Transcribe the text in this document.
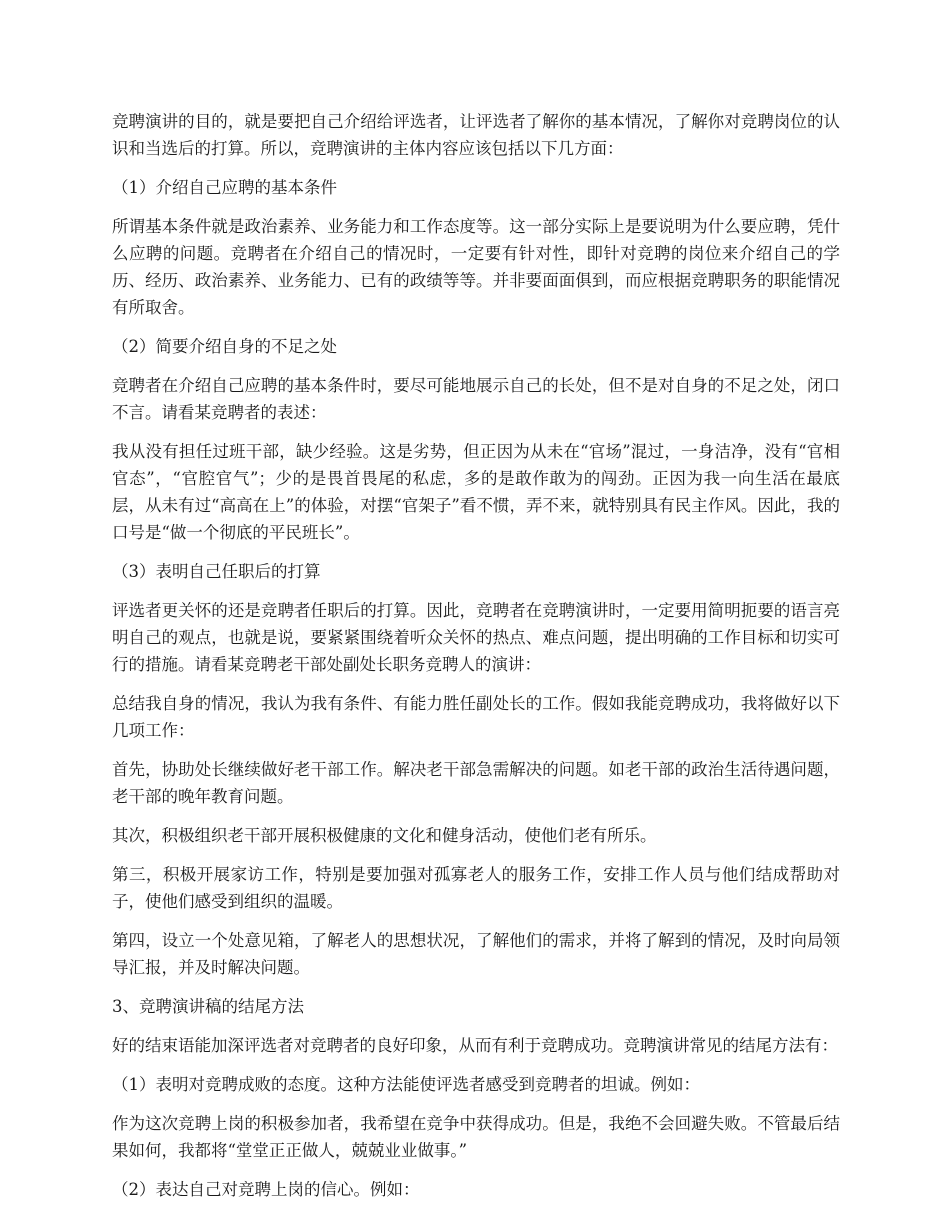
竞聘演讲的目的，就是要把自己介绍给评选者，让评选者了解你的基本情况，了解你对竞聘岗位的认识和当选后的打算。所以，竞聘演讲的主体内容应该包括以下几方面：

（1）介绍自己应聘的基本条件

所谓基本条件就是政治素养、业务能力和工作态度等。这一部分实际上是要说明为什么要应聘，凭什么应聘的问题。竞聘者在介绍自己的情况时，一定要有针对性，即针对竞聘的岗位来介绍自己的学历、经历、政治素养、业务能力、已有的政绩等等。并非要面面俱到，而应根据竞聘职务的职能情况有所取舍。

（2）简要介绍自身的不足之处

竞聘者在介绍自己应聘的基本条件时，要尽可能地展示自己的长处，但不是对自身的不足之处，闭口不言。请看某竞聘者的表述：

我从没有担任过班干部，缺少经验。这是劣势，但正因为从未在“官场”混过，一身洁净，没有“官相官态”，“官腔官气”；少的是畏首畏尾的私虑，多的是敢作敢为的闯劲。正因为我一向生活在最底层，从未有过“高高在上”的体验，对摆“官架子”看不惯，弄不来，就特别具有民主作风。因此，我的口号是“做一个彻底的平民班长”。

（3）表明自己任职后的打算

评选者更关怀的还是竞聘者任职后的打算。因此，竞聘者在竞聘演讲时，一定要用简明扼要的语言亮明自己的观点，也就是说，要紧紧围绕着听众关怀的热点、难点问题，提出明确的工作目标和切实可行的措施。请看某竞聘老干部处副处长职务竞聘人的演讲：

总结我自身的情况，我认为我有条件、有能力胜任副处长的工作。假如我能竞聘成功，我将做好以下几项工作：

首先，协助处长继续做好老干部工作。解决老干部急需解决的问题。如老干部的政治生活待遇问题，老干部的晚年教育问题。

其次，积极组织老干部开展积极健康的文化和健身活动，使他们老有所乐。

第三，积极开展家访工作，特别是要加强对孤寡老人的服务工作，安排工作人员与他们结成帮助对子，使他们感受到组织的温暖。

第四，设立一个处意见箱，了解老人的思想状况，了解他们的需求，并将了解到的情况，及时向局领导汇报，并及时解决问题。

3、竞聘演讲稿的结尾方法

好的结束语能加深评选者对竞聘者的良好印象，从而有利于竞聘成功。竞聘演讲常见的结尾方法有：

（1）表明对竞聘成败的态度。这种方法能使评选者感受到竞聘者的坦诚。例如：

作为这次竞聘上岗的积极参加者，我希望在竞争中获得成功。但是，我绝不会回避失败。不管最后结果如何，我都将“堂堂正正做人，兢兢业业做事。”

（2）表达自己对竞聘上岗的信心。例如：
